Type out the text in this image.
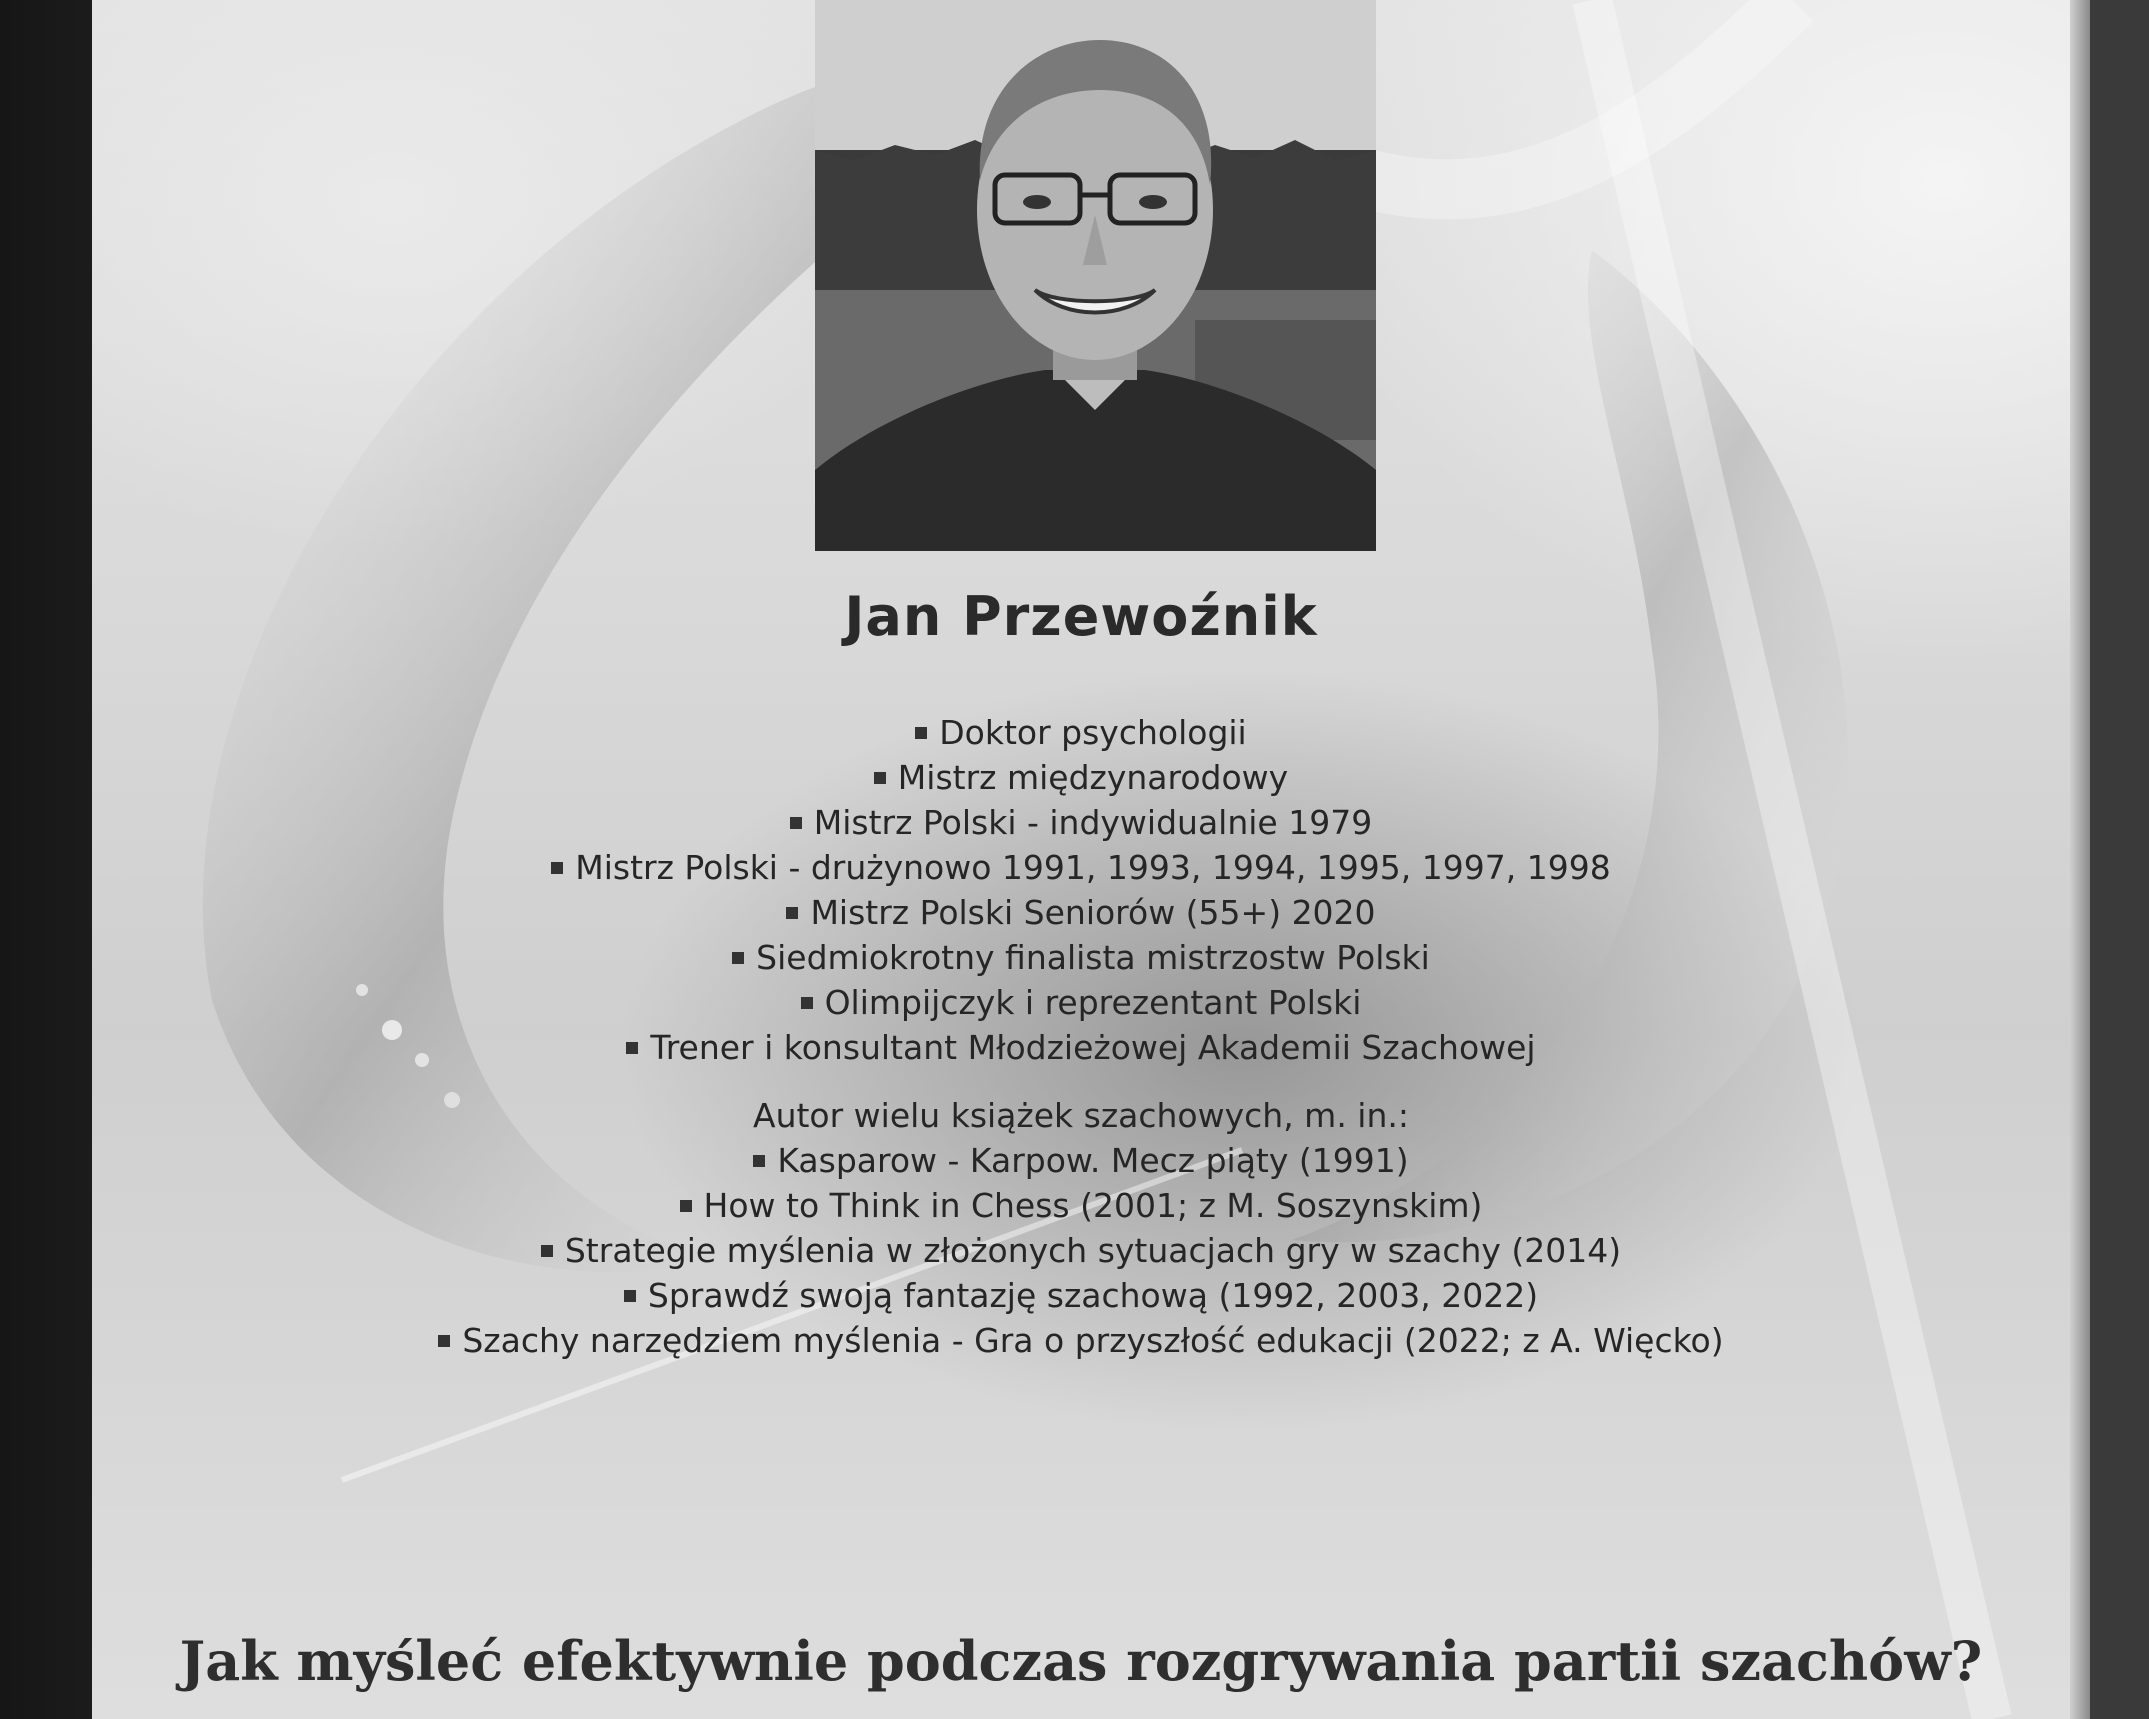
Jan Przewoźnik
Doktor psychologii
Mistrz międzynarodowy
Mistrz Polski - indywidualnie 1979
Mistrz Polski - drużynowo 1991, 1993, 1994, 1995, 1997, 1998
Mistrz Polski Seniorów (55+) 2020
Siedmiokrotny finalista mistrzostw Polski
Olimpijczyk i reprezentant Polski
Trener i konsultant Młodzieżowej Akademii Szachowej
Autor wielu książek szachowych, m. in.:
Kasparow - Karpow. Mecz piąty (1991)
How to Think in Chess (2001; z M. Soszynskim)
Strategie myślenia w złożonych sytuacjach gry w szachy (2014)
Sprawdź swoją fantazję szachową (1992, 2003, 2022)
Szachy narzędziem myślenia - Gra o przyszłość edukacji (2022; z A. Więcko)
Jak myśleć efektywnie podczas rozgrywania partii szachów?
